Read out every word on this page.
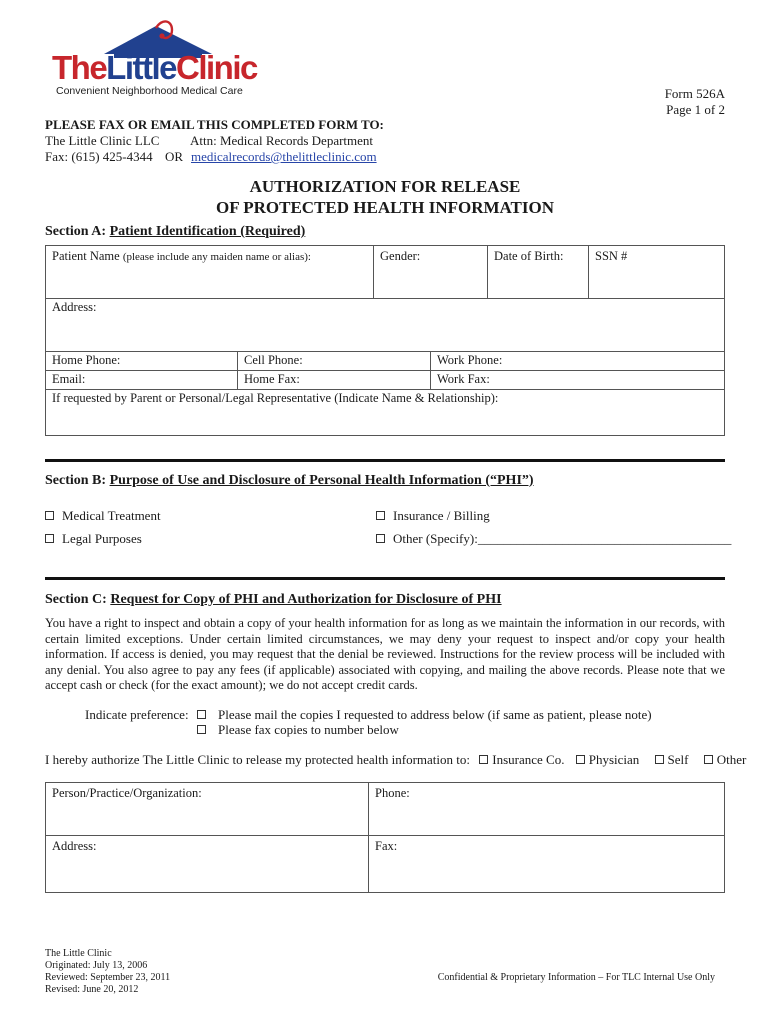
TheLittleClinic
Convenient Neighborhood Medical Care	Form 526A
Page 1 of 2
PLEASE FAX OR EMAIL THIS COMPLETED FORM TO:
The Little Clinic LLC Attn: Medical Records Department
Fax: (615) 425-4344 OR medicalrecords@thelittleclinic.com
AUTHORIZATION FOR RELEASE
OF PROTECTED HEALTH INFORMATION
Section A: Patient Identification (Required)
Patient Name (please include any maiden name or alias):	Gender:	Date of Birth:	SSN #
Address:		
Home Phone:	Cell Phone:	Work Phone:
Email:	Home Fax:	Work Fax:
If requested by Parent or Personal/Legal Representative (Indicate Name & Relationship):		
Section B: Purpose of Use and Disclosure of Personal Health Information (“PHI”)
Medical Treatment	Insurance / Billing
Legal Purposes	Other (Specify):_______________________________________
Section C: Request for Copy of PHI and Authorization for Disclosure of PHI
You have a right to inspect and obtain a copy of your health information for as long as we maintain the information in our records, with certain limited exceptions. Under certain limited circumstances, we may deny your request to inspect and/or copy your health information. If access is denied, you may request that the denial be reviewed. Instructions for the review process will be included with any denial. You also agree to pay any fees (if applicable) associated with copying, and mailing the above records. Please note that we accept cash or check (for the exact amount); we do not accept credit cards.
Indicate preference: Please mail the copies I requested to address below (if same as patient, please note)
Please fax copies to number below
I hereby authorize The Little Clinic to release my protected health information to: Insurance Co. Physician Self Other
Person/Practice/Organization:	Phone:
Address:	Fax:
The Little Clinic
Originated: July 13, 2006
Reviewed: September 23, 2011
Revised: June 20, 2012
Confidential & Proprietary Information – For TLC Internal Use Only
